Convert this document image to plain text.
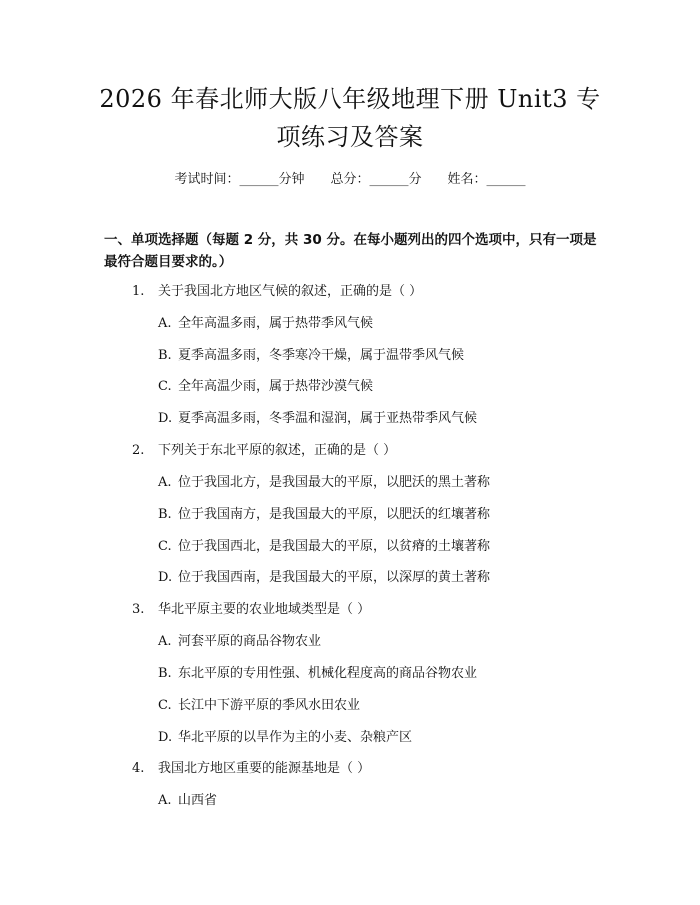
2026 年春北师大版八年级地理下册 Unit3 专
项练习及答案
考试时间：______分钟 总分：______分 姓名：______
一、单项选择题（每题 2 分，共 30 分。在每小题列出的四个选项中，只有一项是
最符合题目要求的。）
1. 关于我国北方地区气候的叙述，正确的是（ ）
A. 全年高温多雨，属于热带季风气候
B. 夏季高温多雨，冬季寒冷干燥，属于温带季风气候
C. 全年高温少雨，属于热带沙漠气候
D. 夏季高温多雨，冬季温和湿润，属于亚热带季风气候
2. 下列关于东北平原的叙述，正确的是（ ）
A. 位于我国北方，是我国最大的平原，以肥沃的黑土著称
B. 位于我国南方，是我国最大的平原，以肥沃的红壤著称
C. 位于我国西北，是我国最大的平原，以贫瘠的土壤著称
D. 位于我国西南，是我国最大的平原，以深厚的黄土著称
3. 华北平原主要的农业地域类型是（ ）
A. 河套平原的商品谷物农业
B. 东北平原的专用性强、机械化程度高的商品谷物农业
C. 长江中下游平原的季风水田农业
D. 华北平原的以旱作为主的小麦、杂粮产区
4. 我国北方地区重要的能源基地是（ ）
A. 山西省
